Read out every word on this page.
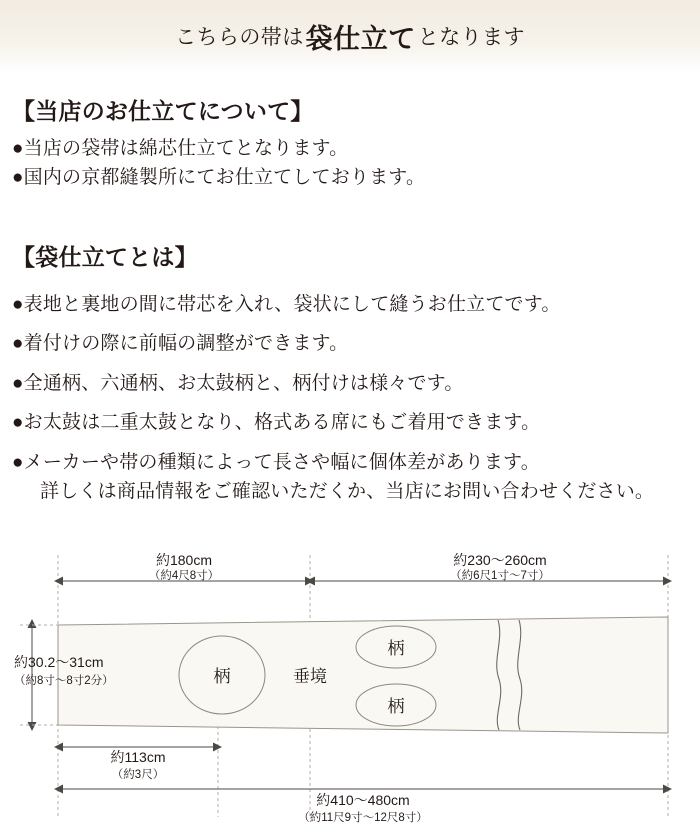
こちらの帯は 袋仕立て となります

【当店のお仕立てについて】

●当店の袋帯は綿芯仕立てとなります。

●国内の京都縫製所にてお仕立てしております。

【袋仕立てとは】

●表地と裏地の間に帯芯を入れ、袋状にして縫うお仕立てです。

●着付けの際に前幅の調整ができます。

●全通柄、六通柄、お太鼓柄と、柄付けは様々です。

●お太鼓は二重太鼓となり、格式ある席にもご着用できます。

●メーカーや帯の種類によって長さや幅に個体差があります。

詳しくは商品情報をご確認いただくか、当店にお問い合わせください。

約180cm
（約4尺8寸）
約230〜260cm
（約6尺1寸〜7寸）
約30.2〜31cm
（約8寸〜8寸2分）	柄	垂境
柄
柄
約113cm
（約3尺）
約410〜480cm
（約11尺9寸〜12尺8寸）
